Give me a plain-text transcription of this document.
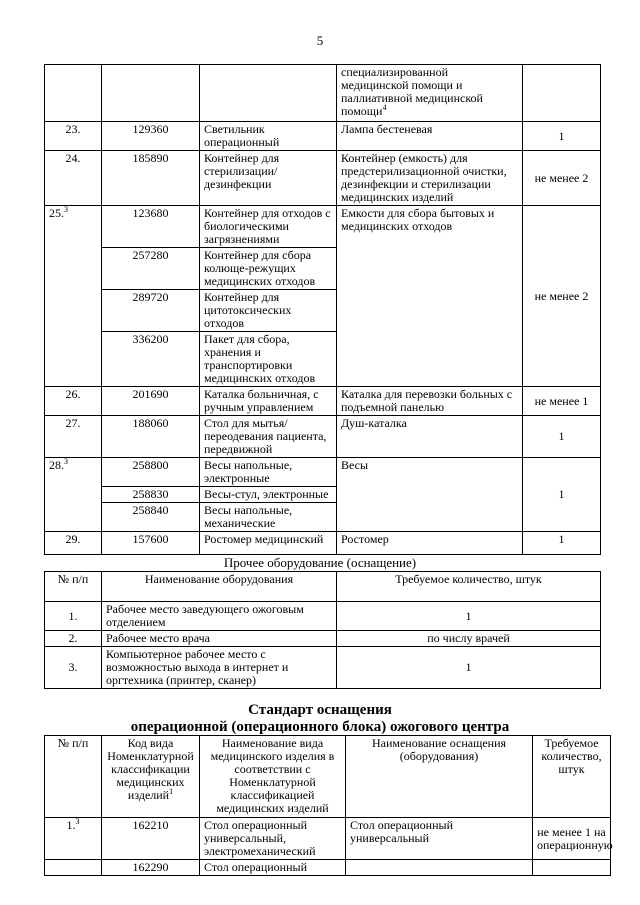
5
			специализированной медицинской помощи и паллиативной медицинской помощи$^4$	
23.	129360	Светильник операционный	Лампа бестеневая	1
24.	185890	Контейнер для стерилизации/дезинфекции	Контейнер (емкость) для предстерилизационной очистки, дезинфекции и стерилизации медицинских изделий	не менее 2
25.$^3$	123680	Контейнер для отходов с биологическими загрязнениями	Емкости для сбора бытовых и медицинских отходов	не менее 2
	257280	Контейнер для сбора колюще-режущих медицинских отходов		
	289720	Контейнер для цитотоксических отходов		
	336200	Пакет для сбора, хранения и транспортировки медицинских отходов		
26.	201690	Каталка больничная, с ручным управлением	Каталка для перевозки больных с подъемной панелью	не менее 1
27.	188060	Стол для мытья/переодевания пациента, передвижной	Душ-каталка	1
28.$^3$	258800	Весы напольные, электронные	Весы	1
	258830	Весы-стул, электронные		
	258840	Весы напольные, механические		
29.	157600	Ростомер медицинский	Ростомер	1
Прочее оборудование (оснащение)
№ п/п	Наименование оборудования	Требуемое количество, штук
1.	Рабочее место заведующего ожоговым отделением	1
2.	Рабочее место врача	по числу врачей
3.	Компьютерное рабочее место с возможностью выхода в интернет и оргтехника (принтер, сканер)	1
Стандарт оснащения
операционной (операционного блока) ожогового центра
№ п/п	Код вида Номенклатурной классификации медицинских изделий$^1$	Наименование вида медицинского изделия в соответствии с Номенклатурной классификацией медицинских изделий	Наименование оснащения (оборудования)	Требуемое количество, штук
1.$^3$	162210	Стол операционный универсальный, электромеханический	Стол операционный универсальный	не менее 1 на операционную
	162290	Стол операционный		
